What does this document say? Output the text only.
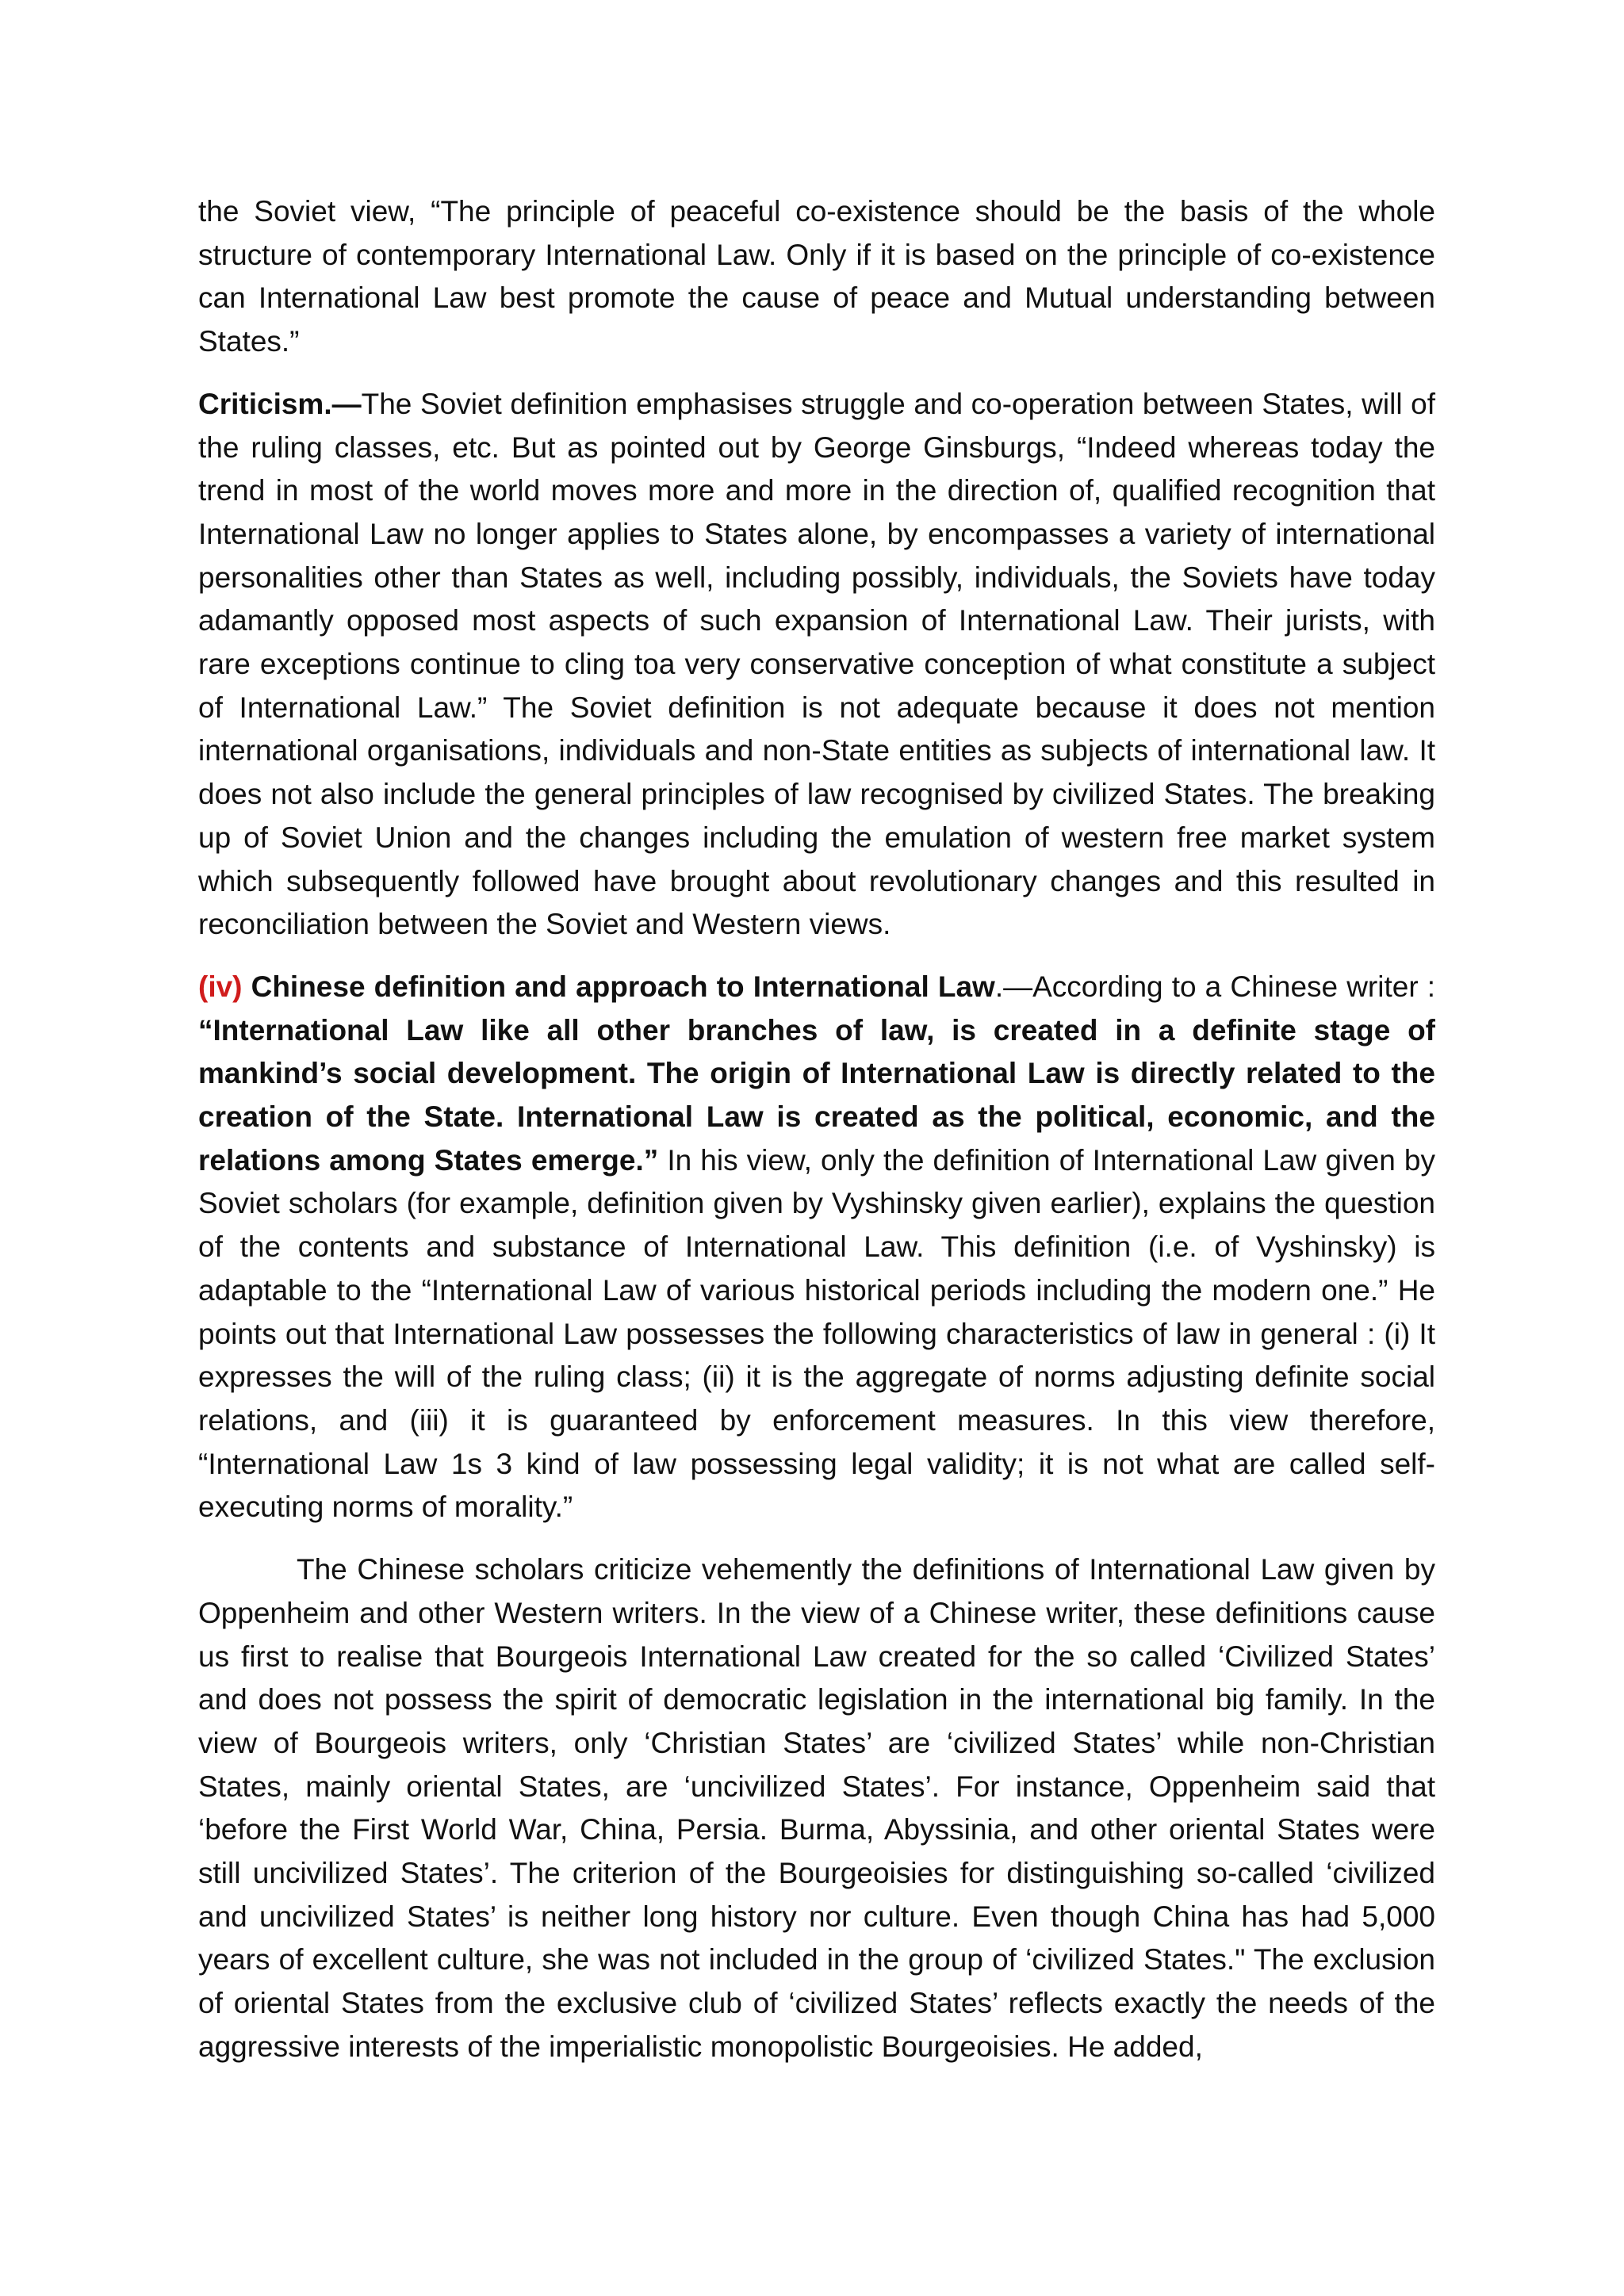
the Soviet view, “The principle of peaceful co-existence should be the basis of the whole structure of contemporary International Law. Only if it is based on the principle of co-existence can International Law best promote the cause of peace and Mutual understanding between States.”

Criticism.—The Soviet definition emphasises struggle and co-operation between States, will of the ruling classes, etc. But as pointed out by George Ginsburgs, “Indeed whereas today the trend in most of the world moves more and more in the direction of, qualified recognition that International Law no longer applies to States alone, by encompasses a variety of international personalities other than States as well, including possibly, individuals, the Soviets have today adamantly opposed most aspects of such expansion of International Law. Their jurists, with rare exceptions continue to cling toa very conservative conception of what constitute a subject of International Law.” The Soviet definition is not adequate because it does not mention international organisations, individuals and non-State entities as subjects of international law. It does not also include the general principles of law recognised by civilized States. The breaking up of Soviet Union and the changes including the emulation of western free market system which subsequently followed have brought about revolutionary changes and this resulted in reconciliation between the Soviet and Western views.

(iv) Chinese definition and approach to International Law.—According to a Chinese writer : “International Law like all other branches of law, is created in a definite stage of mankind’s social development. The origin of International Law is directly related to the creation of the State. International Law is created as the political, economic, and the relations among States emerge.” In his view, only the definition of International Law given by Soviet scholars (for example, definition given by Vyshinsky given earlier), explains the question of the contents and substance of International Law. This definition (i.e. of Vyshinsky) is adaptable to the “International Law of various historical periods including the modern one.” He points out that International Law possesses the following characteristics of law in general : (i) It expresses the will of the ruling class; (ii) it is the aggregate of norms adjusting definite social relations, and (iii) it is guaranteed by enforcement measures. In this view therefore, “International Law 1s 3 kind of law possessing legal validity; it is not what are called self-executing norms of morality.”

The Chinese scholars criticize vehemently the definitions of International Law given by Oppenheim and other Western writers. In the view of a Chinese writer, these definitions cause us first to realise that Bourgeois International Law created for the so called ‘Civilized States’ and does not possess the spirit of democratic legislation in the international big family. In the view of Bourgeois writers, only ‘Christian States’ are ‘civilized States’ while non-Christian States, mainly oriental States, are ‘uncivilized States’. For instance, Oppenheim said that ‘before the First World War, China, Persia. Burma, Abyssinia, and other oriental States were still uncivilized States’. The criterion of the Bourgeoisies for distinguishing so-called ‘civilized and uncivilized States’ is neither long history nor culture. Even though China has had 5,000 years of excellent culture, she was not included in the group of ‘civilized States." The exclusion of oriental States from the exclusive club of ‘civilized States’ reflects exactly the needs of the aggressive interests of the imperialistic monopolistic Bourgeoisies. He added,
